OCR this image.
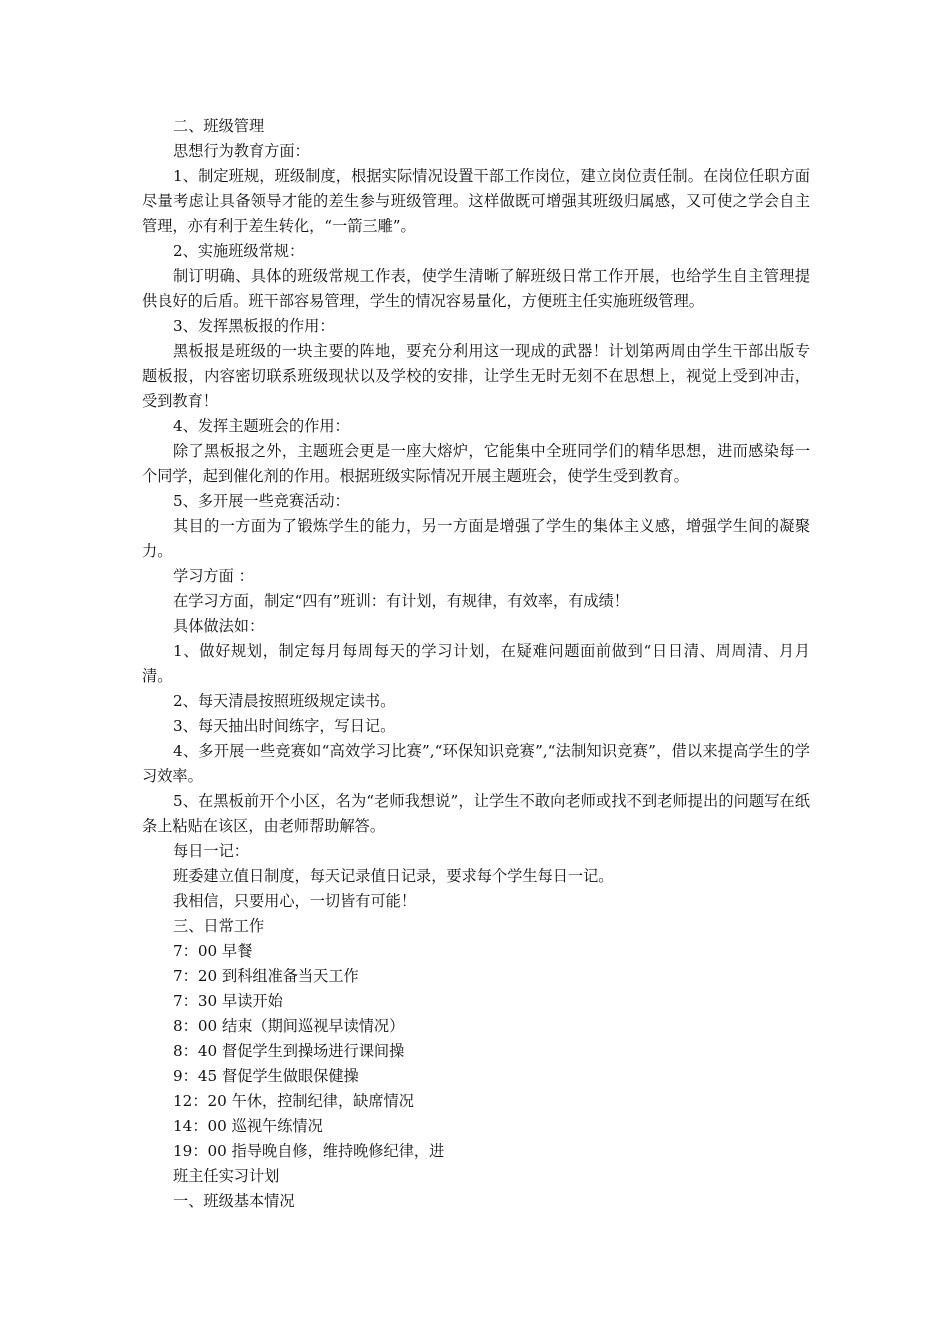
二、班级管理

思想行为教育方面：

1、制定班规，班级制度，根据实际情况设置干部工作岗位，建立岗位责任制。在岗位任职方面尽量考虑让具备领导才能的差生参与班级管理。这样做既可增强其班级归属感，又可使之学会自主管理，亦有利于差生转化，“一箭三雕”。

2、实施班级常规：

制订明确、具体的班级常规工作表，使学生清晰了解班级日常工作开展，也给学生自主管理提供良好的后盾。班干部容易管理，学生的情况容易量化，方便班主任实施班级管理。

3、发挥黑板报的作用：

黑板报是班级的一块主要的阵地，要充分利用这一现成的武器！计划第两周由学生干部出版专题板报，内容密切联系班级现状以及学校的安排，让学生无时无刻不在思想上，视觉上受到冲击，受到教育！

4、发挥主题班会的作用：

除了黑板报之外，主题班会更是一座大熔炉，它能集中全班同学们的精华思想，进而感染每一个同学，起到催化剂的作用。根据班级实际情况开展主题班会，使学生受到教育。

5、多开展一些竞赛活动：

其目的一方面为了锻炼学生的能力，另一方面是增强了学生的集体主义感，增强学生间的凝聚力。

学习方面 ：

在学习方面，制定“四有”班训：有计划，有规律，有效率，有成绩！

具体做法如：

1、做好规划，制定每月每周每天的学习计划，在疑难问题面前做到“日日清、周周清、月月清。

2、每天清晨按照班级规定读书。

3、每天抽出时间练字，写日记。

4、多开展一些竞赛如“高效学习比赛”,“环保知识竞赛”,“法制知识竞赛”，借以来提高学生的学习效率。

5、在黑板前开个小区，名为“老师我想说”，让学生不敢向老师或找不到老师提出的问题写在纸条上粘贴在该区，由老师帮助解答。

每日一记：

班委建立值日制度，每天记录值日记录，要求每个学生每日一记。

我相信，只要用心，一切皆有可能！

三、日常工作

7：00 早餐

7：20 到科组准备当天工作

7：30 早读开始

8：00 结束（期间巡视早读情况）

8：40 督促学生到操场进行课间操

9：45 督促学生做眼保健操

12：20 午休，控制纪律，缺席情况

14：00 巡视午练情况

19：00 指导晚自修，维持晚修纪律，进

班主任实习计划

一、班级基本情况
